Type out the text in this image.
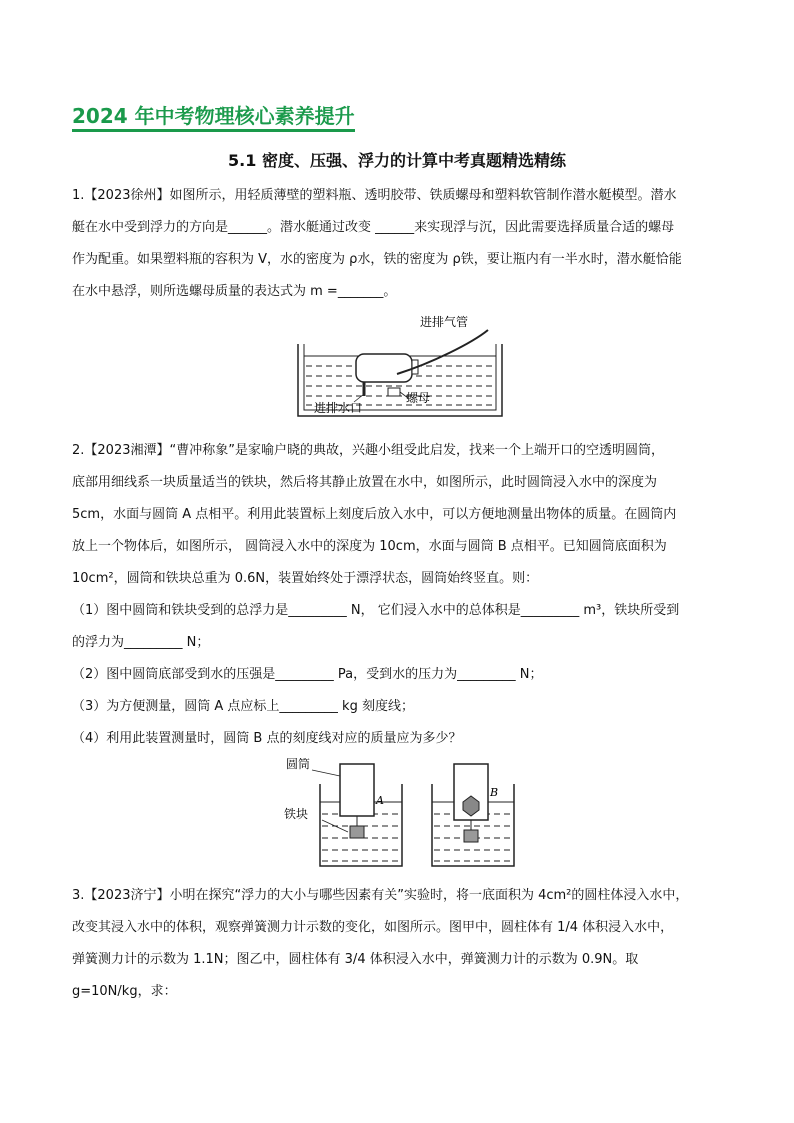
2024 年中考物理核心素养提升
5.1 密度、压强、浮力的计算中考真题精选精练
1.【2023徐州】如图所示，用轻质薄壁的塑料瓶、透明胶带、铁质螺母和塑料软管制作潜水艇模型。潜水
艇在水中受到浮力的方向是______。潜水艇通过改变 ______来实现浮与沉，因此需要选择质量合适的螺母
作为配重。如果塑料瓶的容积为 V，水的密度为 ρ水，铁的密度为 ρ铁，要让瓶内有一半水时，潜水艇恰能
在水中悬浮，则所选螺母质量的表达式为 m =_______。
进排气管
进排水口
螺母
2.【2023湘潭】“曹冲称象”是家喻户晓的典故，兴趣小组受此启发，找来一个上端开口的空透明圆筒，
底部用细线系一块质量适当的铁块，然后将其静止放置在水中，如图所示，此时圆筒浸入水中的深度为
5cm，水面与圆筒 A 点相平。利用此装置标上刻度后放入水中，可以方便地测量出物体的质量。在圆筒内
放上一个物体后，如图所示， 圆筒浸入水中的深度为 10cm，水面与圆筒 B 点相平。已知圆筒底面积为
10cm²，圆筒和铁块总重为 0.6N，装置始终处于漂浮状态，圆筒始终竖直。则：
（1）图中圆筒和铁块受到的总浮力是_________ N， 它们浸入水中的总体积是_________ m³，铁块所受到
的浮力为_________ N；
（2）图中圆筒底部受到水的压强是_________ Pa，受到水的压力为_________ N；
（3）为方便测量，圆筒 A 点应标上_________ kg 刻度线；
（4）利用此装置测量时，圆筒 B 点的刻度线对应的质量应为多少？
圆筒
铁块
A
B
3.【2023济宁】小明在探究“浮力的大小与哪些因素有关”实验时，将一底面积为 4cm²的圆柱体浸入水中，
改变其浸入水中的体积，观察弹簧测力计示数的变化，如图所示。图甲中，圆柱体有 1/4 体积浸入水中，
弹簧测力计的示数为 1.1N；图乙中，圆柱体有 3/4 体积浸入水中，弹簧测力计的示数为 0.9N。取
g=10N/kg，求：
